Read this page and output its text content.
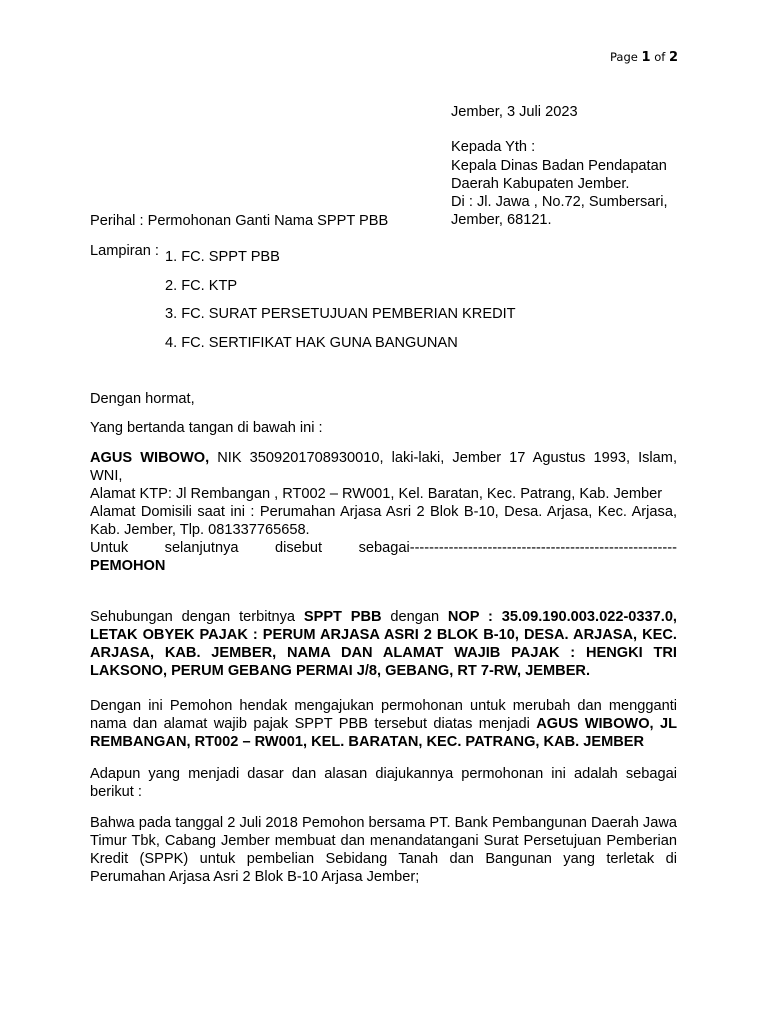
Page 1 of 2
Jember, 3 Juli 2023
Kepada Yth :
Kepala Dinas Badan Pendapatan
Daerah Kabupaten Jember.
Di : Jl. Jawa , No.72, Sumbersari,
Jember, 68121.
Perihal : Permohonan Ganti Nama SPPT PBB
Lampiran : 1. FC. SPPT PBB
2. FC. KTP
3. FC. SURAT PERSETUJUAN PEMBERIAN KREDIT
4. FC. SERTIFIKAT HAK GUNA BANGUNAN
Dengan hormat,
Yang bertanda tangan di bawah ini :

AGUS WIBOWO, NIK 3509201708930010, laki-laki, Jember 17 Agustus 1993, Islam, WNI,

Alamat KTP: Jl Rembangan , RT002 – RW001, Kel. Baratan, Kec. Patrang, Kab. Jember

Alamat Domisili saat ini : Perumahan Arjasa Asri 2 Blok B-10, Desa. Arjasa, Kec. Arjasa, Kab. Jember, Tlp. 081337765658.

Untuk selanjutnya disebut sebagai-------------------------------------------------------

PEMOHON

Sehubungan dengan terbitnya SPPT PBB dengan NOP : 35.09.190.003.022-0337.0, LETAK OBYEK PAJAK : PERUM ARJASA ASRI 2 BLOK B-10, DESA. ARJASA, KEC. ARJASA, KAB. JEMBER, NAMA DAN ALAMAT WAJIB PAJAK : HENGKI TRI LAKSONO, PERUM GEBANG PERMAI J/8, GEBANG, RT 7-RW, JEMBER.
Dengan ini Pemohon hendak mengajukan permohonan untuk merubah dan mengganti nama dan alamat wajib pajak SPPT PBB tersebut diatas menjadi AGUS WIBOWO, JL REMBANGAN, RT002 – RW001, KEL. BARATAN, KEC. PATRANG, KAB. JEMBER
Adapun yang menjadi dasar dan alasan diajukannya permohonan ini adalah sebagai berikut :
Bahwa pada tanggal 2 Juli 2018 Pemohon bersama PT. Bank Pembangunan Daerah Jawa Timur Tbk, Cabang Jember membuat dan menandatangani Surat Persetujuan Pemberian Kredit (SPPK) untuk pembelian Sebidang Tanah dan Bangunan yang terletak di Perumahan Arjasa Asri 2 Blok B-10 Arjasa Jember;
